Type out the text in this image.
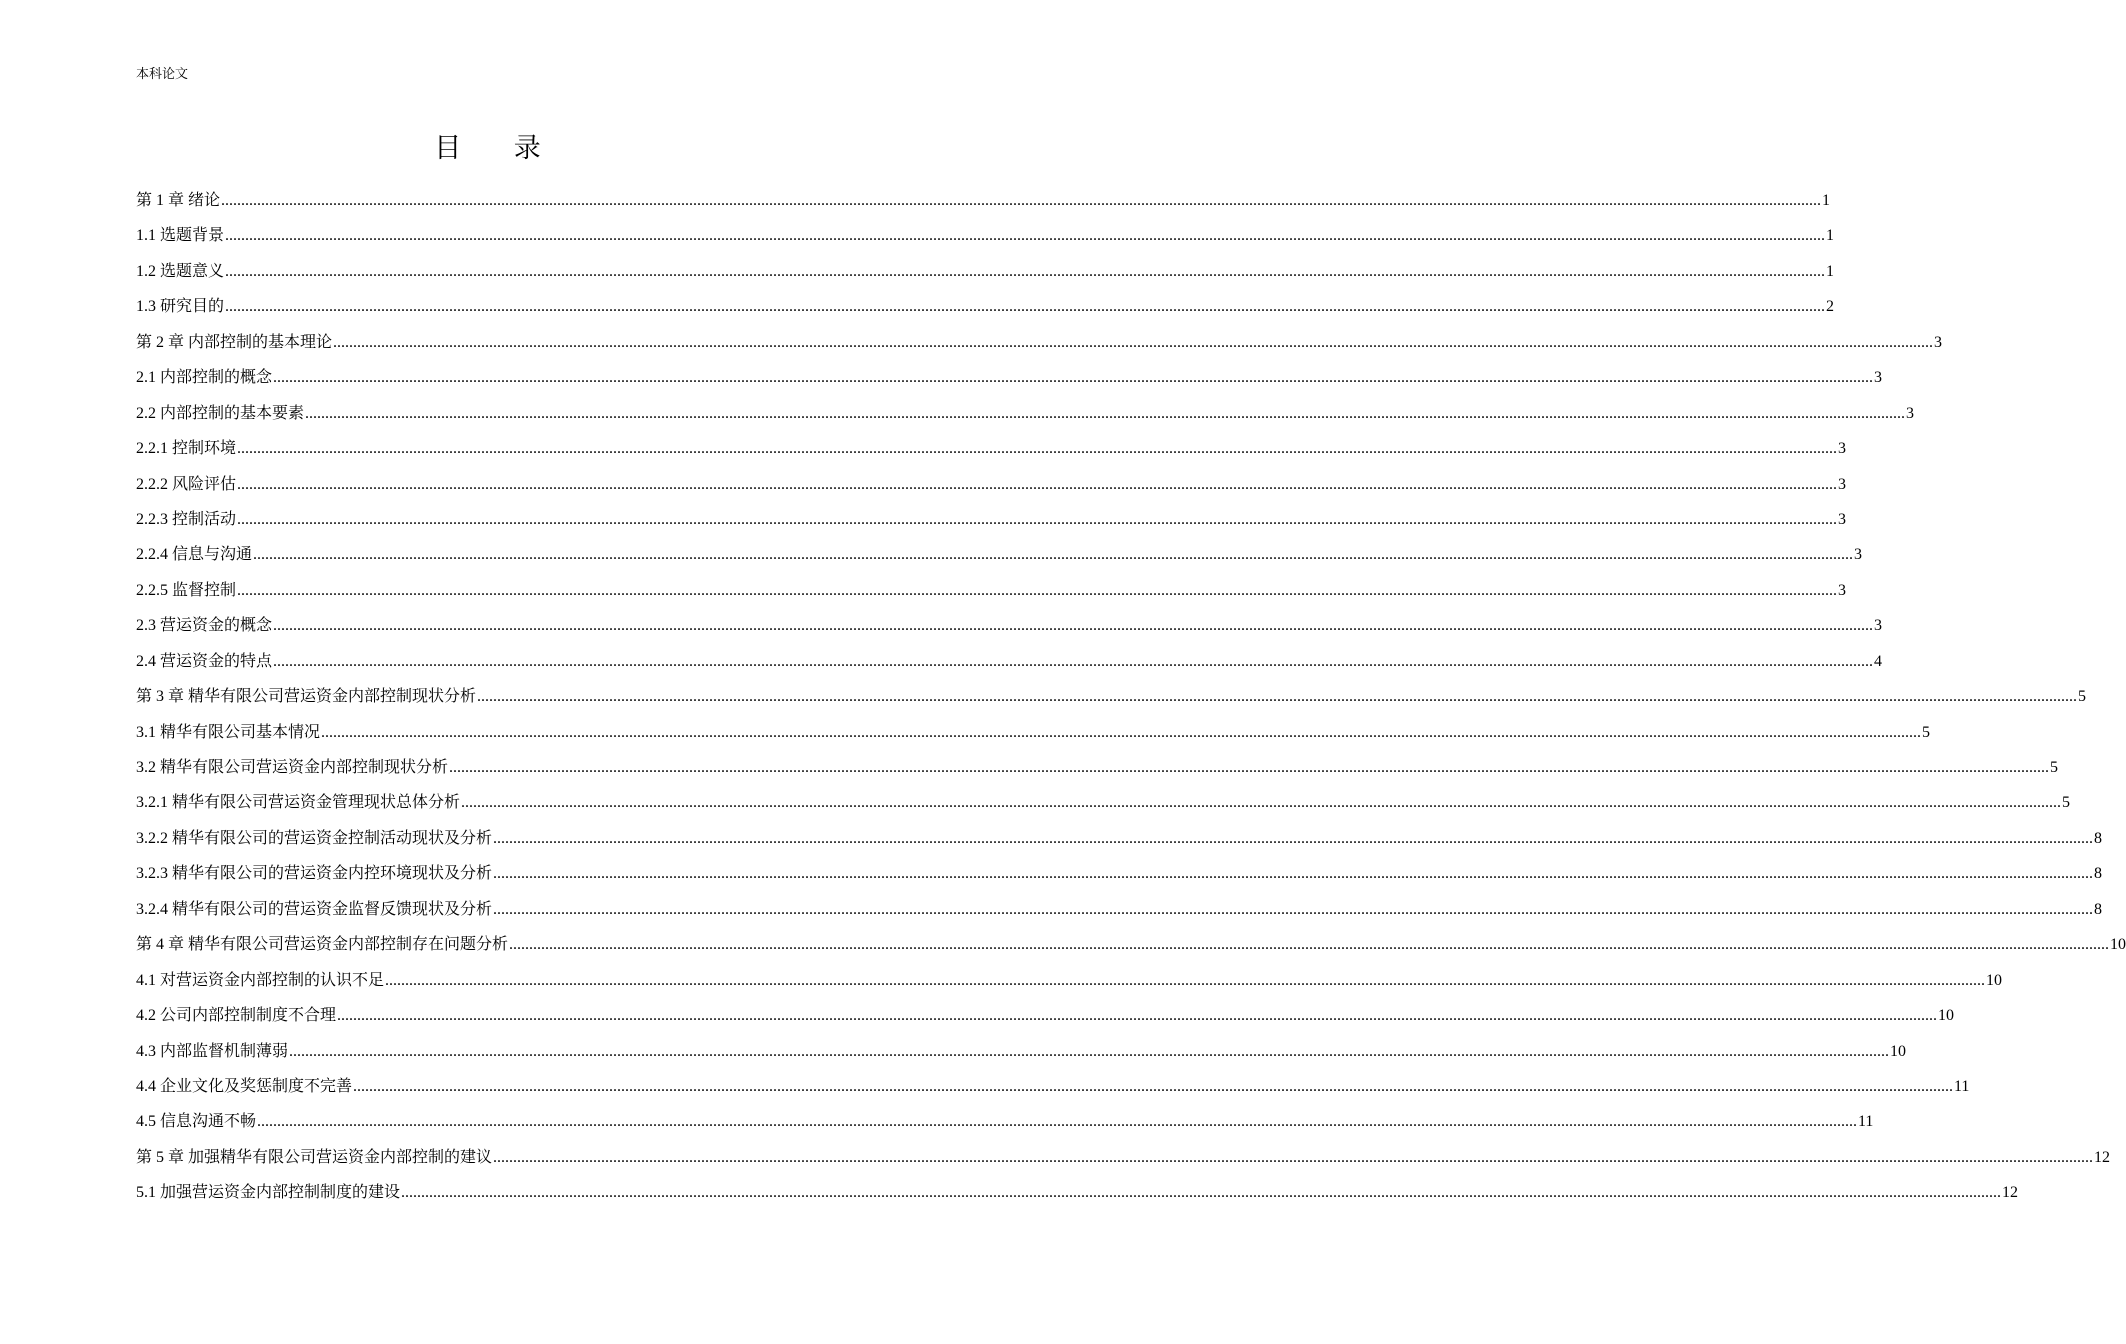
本科论文
目 录
第 1 章 绪论 ................................................................................................................................................................................................................................................................................................................................................................................................................ 1
1.1 选题背景 ................................................................................................................................................................................................................................................................................................................................................................................................................ 1
1.2 选题意义 ................................................................................................................................................................................................................................................................................................................................................................................................................ 1
1.3 研究目的 ................................................................................................................................................................................................................................................................................................................................................................................................................ 2
第 2 章 内部控制的基本理论 ................................................................................................................................................................................................................................................................................................................................................................................................................ 3
2.1 内部控制的概念 ................................................................................................................................................................................................................................................................................................................................................................................................................ 3
2.2 内部控制的基本要素 ................................................................................................................................................................................................................................................................................................................................................................................................................ 3
2.2.1 控制环境 ................................................................................................................................................................................................................................................................................................................................................................................................................ 3
2.2.2 风险评估 ................................................................................................................................................................................................................................................................................................................................................................................................................ 3
2.2.3 控制活动 ................................................................................................................................................................................................................................................................................................................................................................................................................ 3
2.2.4 信息与沟通 ................................................................................................................................................................................................................................................................................................................................................................................................................ 3
2.2.5 监督控制 ................................................................................................................................................................................................................................................................................................................................................................................................................ 3
2.3 营运资金的概念 ................................................................................................................................................................................................................................................................................................................................................................................................................ 3
2.4 营运资金的特点 ................................................................................................................................................................................................................................................................................................................................................................................................................ 4
第 3 章 精华有限公司营运资金内部控制现状分析 ................................................................................................................................................................................................................................................................................................................................................................................................................ 5
3.1 精华有限公司基本情况 ................................................................................................................................................................................................................................................................................................................................................................................................................ 5
3.2 精华有限公司营运资金内部控制现状分析 ................................................................................................................................................................................................................................................................................................................................................................................................................ 5
3.2.1 精华有限公司营运资金管理现状总体分析 ................................................................................................................................................................................................................................................................................................................................................................................................................ 5
3.2.2 精华有限公司的营运资金控制活动现状及分析 ................................................................................................................................................................................................................................................................................................................................................................................................................ 8
3.2.3 精华有限公司的营运资金内控环境现状及分析 ................................................................................................................................................................................................................................................................................................................................................................................................................ 8
3.2.4 精华有限公司的营运资金监督反馈现状及分析 ................................................................................................................................................................................................................................................................................................................................................................................................................ 8
第 4 章 精华有限公司营运资金内部控制存在问题分析 ................................................................................................................................................................................................................................................................................................................................................................................................................ 10
4.1 对营运资金内部控制的认识不足 ................................................................................................................................................................................................................................................................................................................................................................................................................ 10
4.2 公司内部控制制度不合理 ................................................................................................................................................................................................................................................................................................................................................................................................................ 10
4.3 内部监督机制薄弱 ................................................................................................................................................................................................................................................................................................................................................................................................................ 10
4.4 企业文化及奖惩制度不完善 ................................................................................................................................................................................................................................................................................................................................................................................................................ 11
4.5 信息沟通不畅 ................................................................................................................................................................................................................................................................................................................................................................................................................ 11
第 5 章 加强精华有限公司营运资金内部控制的建议 ................................................................................................................................................................................................................................................................................................................................................................................................................ 12
5.1 加强营运资金内部控制制度的建设 ................................................................................................................................................................................................................................................................................................................................................................................................................ 12
